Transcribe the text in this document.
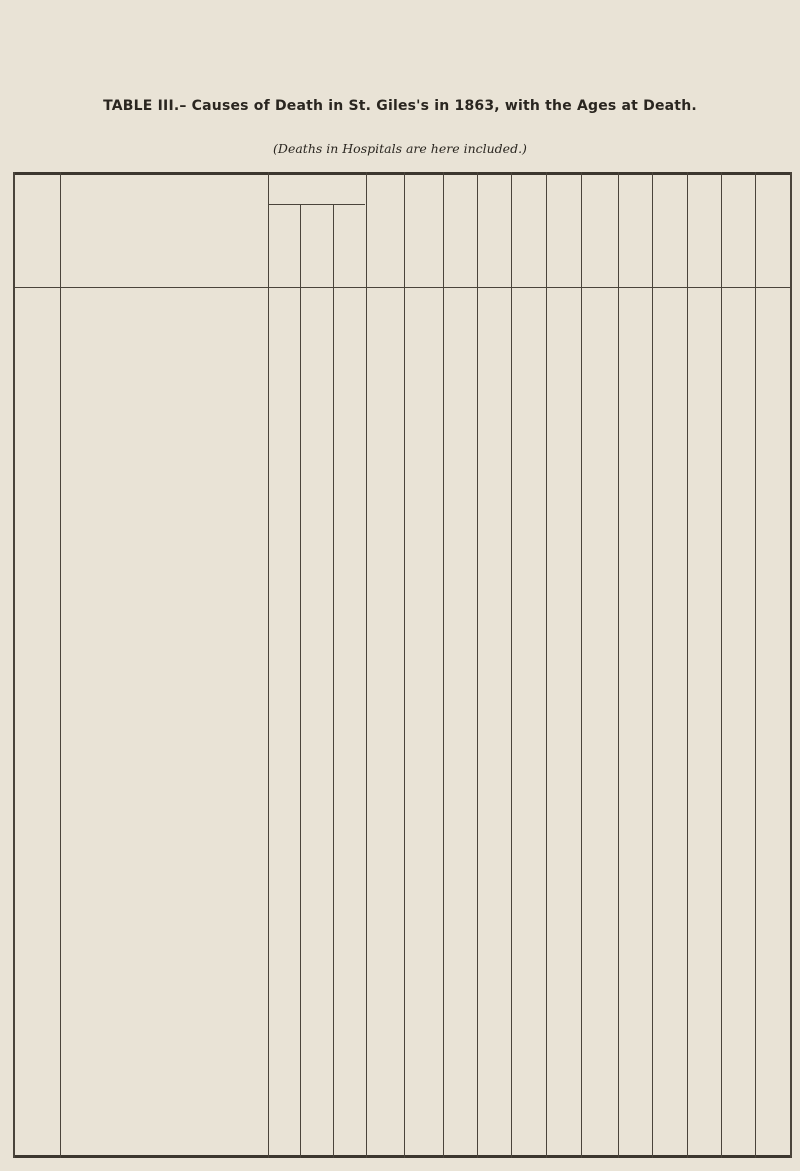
TABLE III.– Causes of Death in St. Giles's in 1863, with the Ages at Death.
(Deaths in Hospitals are here included.)
